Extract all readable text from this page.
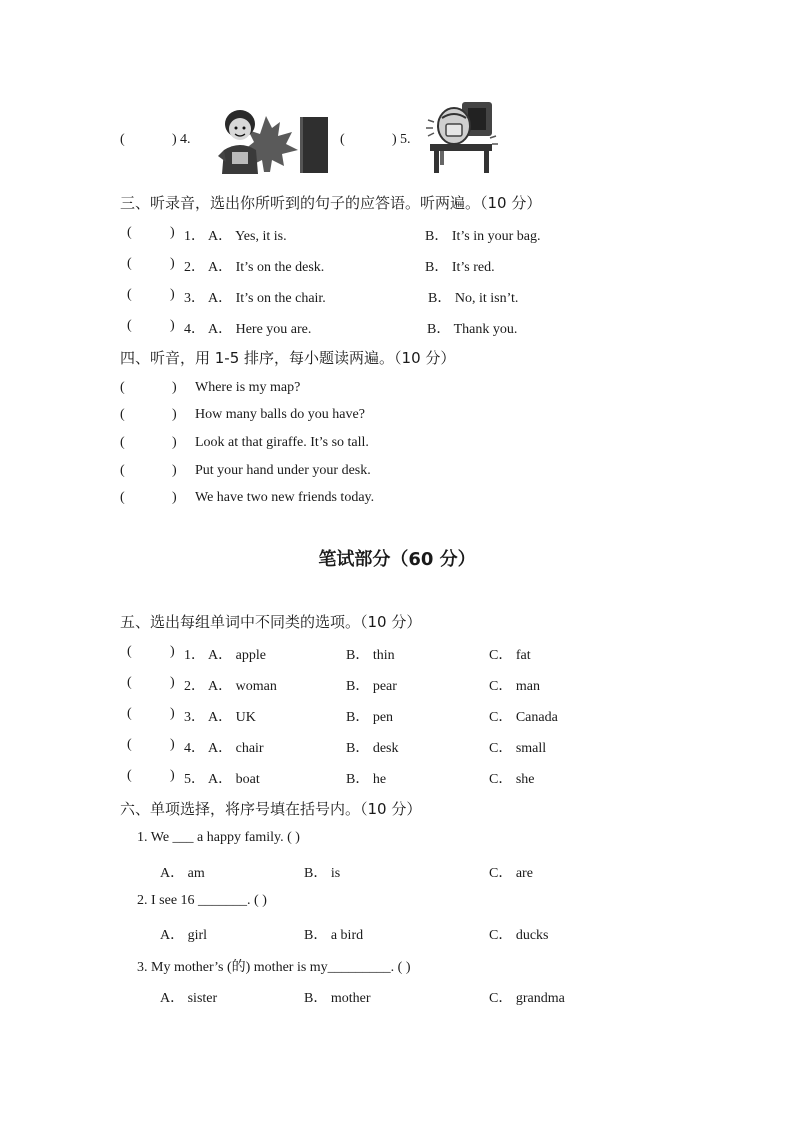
(	) 4.	(	) 5.
三、听录音，选出你所听到的句子的应答语。听两遍。（10 分）
(	) 1． A． Yes, it is.	B． It’s in your bag.
(	) 2． A． It’s on the desk.	B． It’s red.
(	) 3． A． It’s on the chair.	B． No, it isn’t.
(	) 4． A． Here you are.	B． Thank you.
四、听音，用 1-5 排序，每小题读两遍。（10 分）
(	) Where is my map?
(	) How many balls do you have?
(	) Look at that giraffe. It’s so tall.
(	) Put your hand under your desk.
(	) We have two new friends today.
笔试部分（60 分）
五、选出每组单词中不同类的选项。（10 分）
(	) 1． A． apple	B． thin	C． fat
(	) 2． A． woman	B． pear	C． man
(	) 3． A． UK	B． pen	C． Canada
(	) 4． A． chair	B． desk	C． small
(	) 5． A． boat	B． he	C． she
六、单项选择，将序号填在括号内。（10 分）
1. We ___ a happy family. ( )
A． am	B． is	C． are
2. I see 16 _______. ( )
A． girl	B． a bird	C． ducks
3. My mother’s (的) mother is my_________. ( )
A． sister	B． mother	C． grandma
